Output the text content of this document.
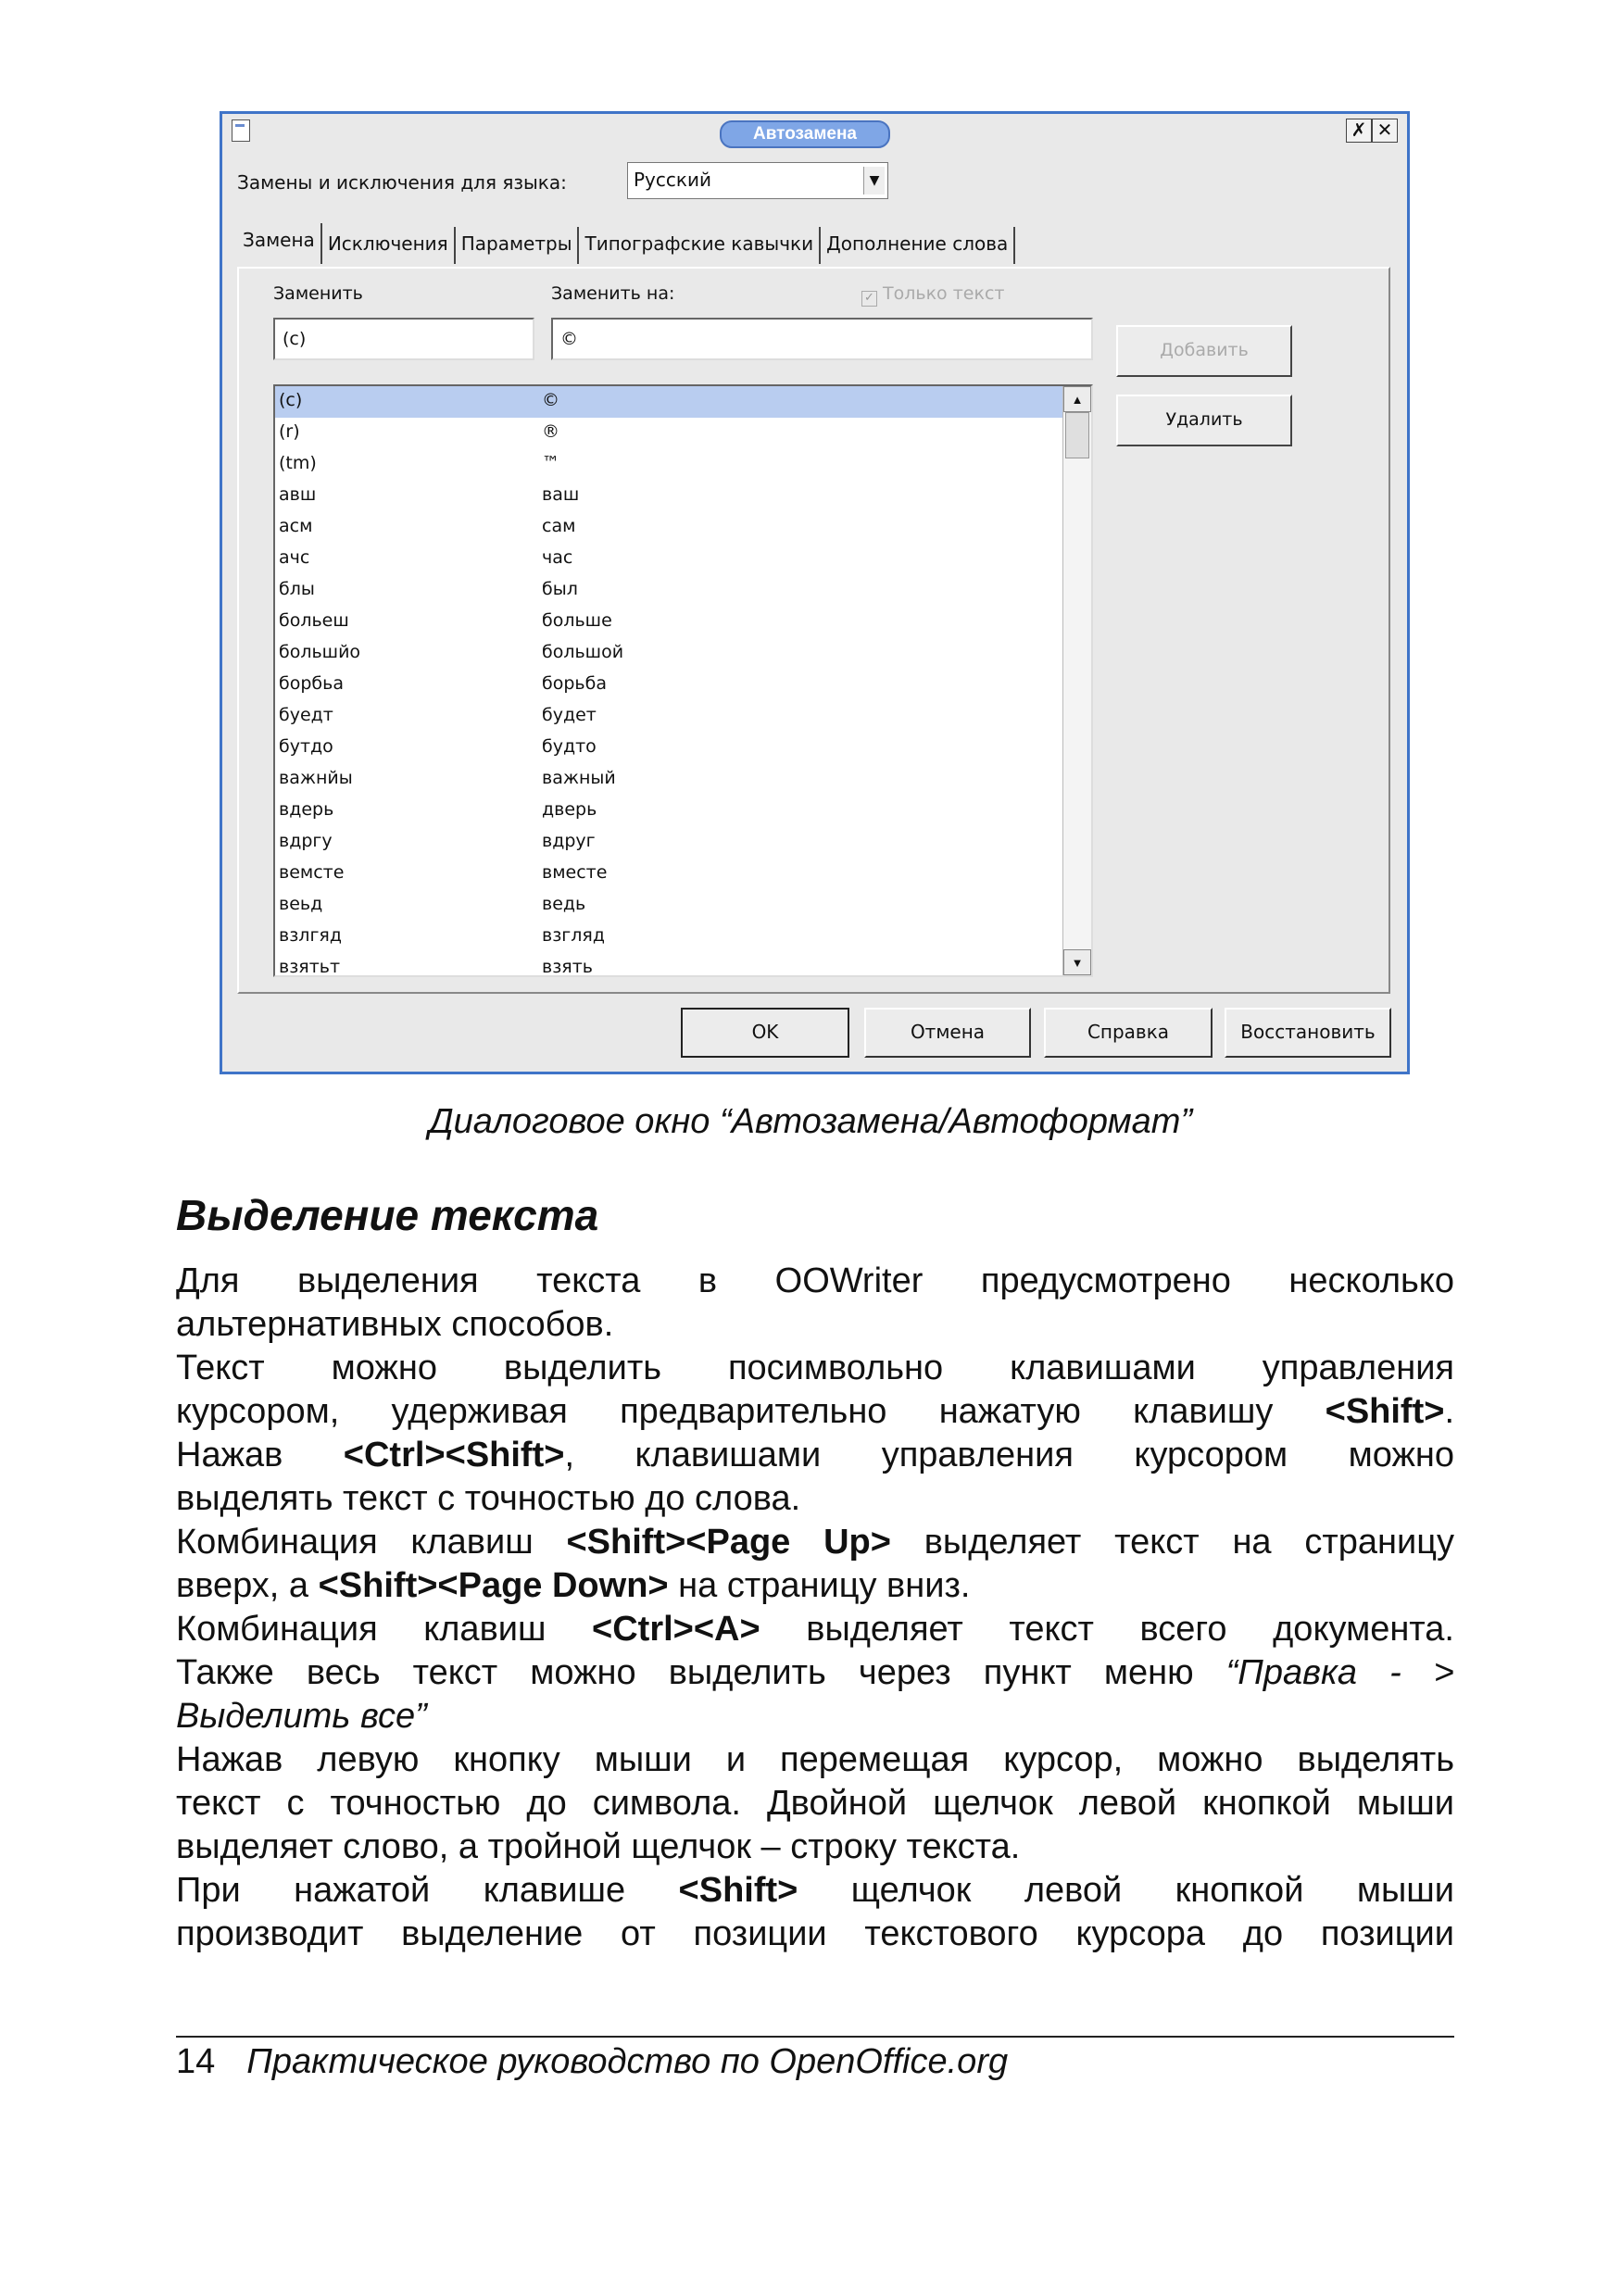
Автозамена	✗ ✕
Замены и исключения для языка:	Русский	▼
Замена Исключения Параметры Типографские кавычки Дополнение слова
Заменить	Заменить на:	✓ Только текст
(c)	©
Добавить
Удалить
(c)	©
(r)	®
(tm)	™
авш	ваш
асм	сам
ачс	час
блы	был
больеш	больше
большйо	большой
борбьа	борьба
буедт	будет
бутдо	будто
важнйы	важный
вдерь	дверь
вдргу	вдруг
вемсте	вместе
веьд	ведь
взлгяд	взгляд
взятьт	взять
▲
▼
OK	Отмена	Справка	Восстановить
Диалоговое окно “Автозамена/Автоформат”
Выделение текста
Для выделения текста в OOWriter предусмотрено несколько
альтернативных способов.
Текст можно выделить посимвольно клавишами управления
курсором, удерживая предварительно нажатую клавишу <Shift>.
Нажав <Ctrl><Shift>, клавишами управления курсором можно
выделять текст с точностью до слова.
Комбинация клавиш <Shift><Page Up> выделяет текст на страницу
вверх, а <Shift><Page Down> на страницу вниз.
Комбинация клавиш <Ctrl><A> выделяет текст всего документа.
Также весь текст можно выделить через пункт меню “Правка - >
Выделить все”
Нажав левую кнопку мыши и перемещая курсор, можно выделять
текст с точностью до символа. Двойной щелчок левой кнопкой мыши
выделяет слово, а тройной щелчок – строку текста.
При нажатой клавише <Shift> щелчок левой кнопкой мыши
производит выделение от позиции текстового курсора до позиции
14 Практическое руководство по OpenOffice.org
